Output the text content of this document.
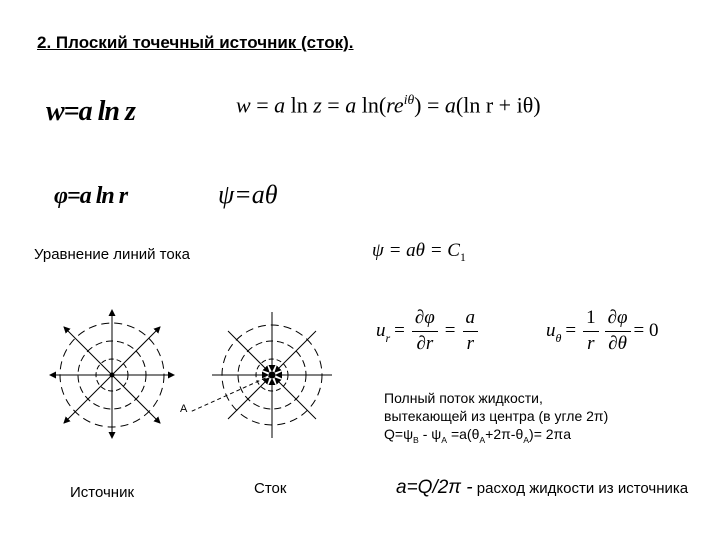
2. Плоский точечный источник (сток).
w=a ln z	w = a ln z = a $\ln(re^{i\theta}) = a(\ln$ r + iθ)
φ=a ln r	ψ=aθ
Уравнение линий тока	$\psi = a\theta = C_1$
$u_r = \frac{\partial\varphi}{\partial r} = \frac{a}{r}$	$u_\theta = \frac{1}{r} \frac{\partial\varphi}{\partial\theta} = 0$
A
Полный поток жидкости,
вытекающей из центра (в угле 2π)
$Q=\psi_B - \psi_A =a(\theta_A+2\pi-\theta_A)= 2\pi a$
Источник	Сток	a=Q/2π - расход жидкости из источника
